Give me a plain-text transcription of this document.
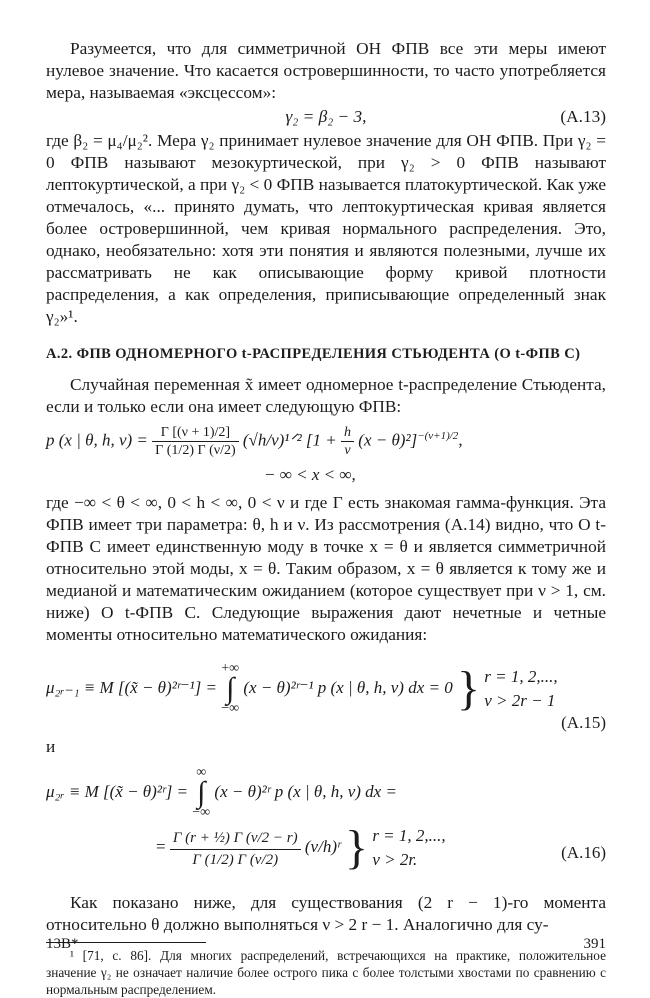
Разумеется, что для симметричной ОН ФПВ все эти меры имеют нулевое значение. Что касается островершинности, то часто употребляется мера, называемая «эксцессом»:

γ₂ = β₂ − 3,	(А.13)

где β₂ = μ₄/μ₂². Мера γ₂ принимает нулевое значение для ОН ФПВ. При γ₂ = 0 ФПВ называют мезокуртической, при γ₂ > 0 ФПВ называют лептокуртической, а при γ₂ < 0 ФПВ называется платокуртической. Как уже отмечалось, «... принято думать, что лептокуртическая кривая является более островершинной, чем кривая нормального распределения. Это, однако, необязательно: хотя эти понятия и являются полезными, лучше их рассматривать не как описывающие форму кривой плотности распределения, а как определения, приписывающие определенный знак γ₂»¹.

А.2. ФПВ ОДНОМЕРНОГО t-РАСПРЕДЕЛЕНИЯ СТЬЮДЕНТА (О t-ФПВ С)

Случайная переменная x̃ имеет одномерное t-распределение Стьюдента, если и только если она имеет следующую ФПВ:

p (x | θ, h, $\nu) = \frac{\Gamma [(\nu + 1)/2]}{\Gamma (1/2) \Gamma (\nu/2)}$ (√h/ν)¹ᐟ² $[1 + \frac{h}{\nu} (x - \theta)^2]^{-(\nu+1)/2}$,
− ∞ < x < ∞,

где −∞ < θ < ∞, 0 < h < ∞, 0 < ν и где Γ есть знакомая гамма-функция. Эта ФПВ имеет три параметра: θ, h и ν. Из рассмотрения (А.14) видно, что О t-ФПВ С имеет единственную моду в точке x = θ и является симметричной относительно этой моды, x = θ. Таким образом, x = θ является к тому же и медианой и математическим ожиданием (которое существует при ν > 1, см. ниже) О t-ФПВ С. Следующие выражения дают нечетные и четные моменты относительно математического ожидания:

μ₂ᵣ₋₁ ≡ M [(x̃ − θ)²ʳ⁻¹] = +∞
∫
−∞ (x − θ)²ʳ⁻¹ p (x | θ, h, ν) dx = 0 } r = 1, 2,...,
ν > 2r − 1
(А.15)

и

μ₂ᵣ ≡ M [(x̃ − θ)²ʳ] = ∞
∫
−∞ (x − θ)²ʳ p (x | θ, h, ν) dx =
= $\frac{\text{Γ (r + ½) Γ (ν/2 − r)}}{\Gamma (1/2) \Gamma (\nu/2)}$ (ν/h)ʳ } r = 1, 2,...,
ν > 2r.	(А.16)

Как показано ниже, для существования (2 r − 1)-го момента относительно θ должно выполняться ν > 2 r − 1. Аналогично для су-

¹ [71, с. 86]. Для многих распределений, встречающихся на практике, положительное значение γ₂ не означает наличие более острого пика с более толстыми хвостами по сравнению с нормальным распределением.

13В*	391
